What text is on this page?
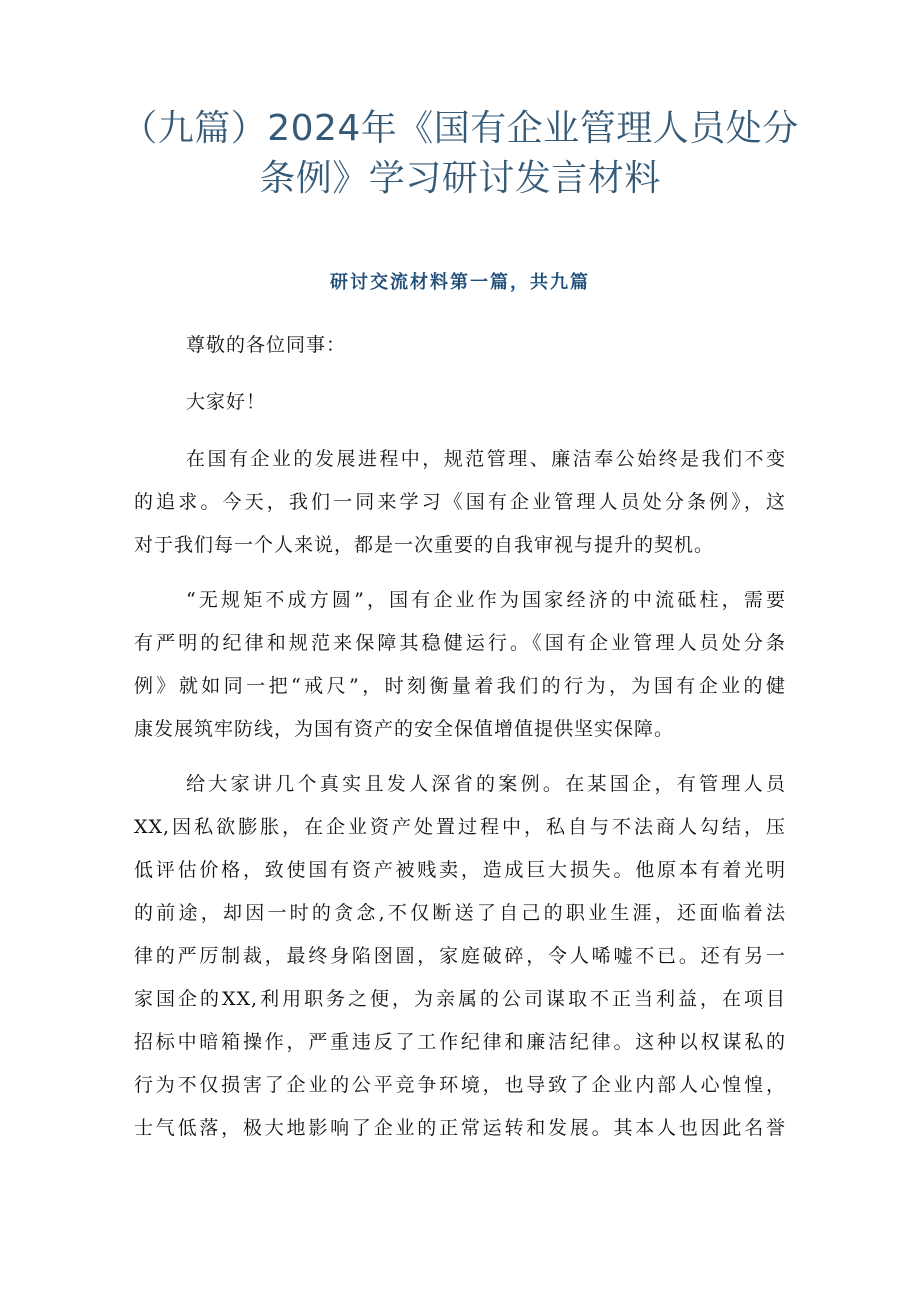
（九篇）2024年《国有企业管理人员处分
条例》学习研讨发言材料
研讨交流材料第一篇，共九篇
尊敬的各位同事：
大家好！
在国有企业的发展进程中，规范管理、廉洁奉公始终是我们不变
的追求。今天，我们一同来学习《国有企业管理人员处分条例》，这
对于我们每一个人来说，都是一次重要的自我审视与提升的契机。
“无规矩不成方圆”，国有企业作为国家经济的中流砥柱，需要
有严明的纪律和规范来保障其稳健运行。《国有企业管理人员处分条
例》就如同一把“戒尺”，时刻衡量着我们的行为，为国有企业的健
康发展筑牢防线，为国有资产的安全保值增值提供坚实保障。
给大家讲几个真实且发人深省的案例。在某国企，有管理人员
XX,因私欲膨胀，在企业资产处置过程中，私自与不法商人勾结，压
低评估价格，致使国有资产被贱卖，造成巨大损失。他原本有着光明
的前途，却因一时的贪念,不仅断送了自己的职业生涯，还面临着法
律的严厉制裁，最终身陷囹圄，家庭破碎，令人唏嘘不已。还有另一
家国企的XX,利用职务之便，为亲属的公司谋取不正当利益，在项目
招标中暗箱操作，严重违反了工作纪律和廉洁纪律。这种以权谋私的
行为不仅损害了企业的公平竞争环境，也导致了企业内部人心惶惶，
士气低落，极大地影响了企业的正常运转和发展。其本人也因此名誉
